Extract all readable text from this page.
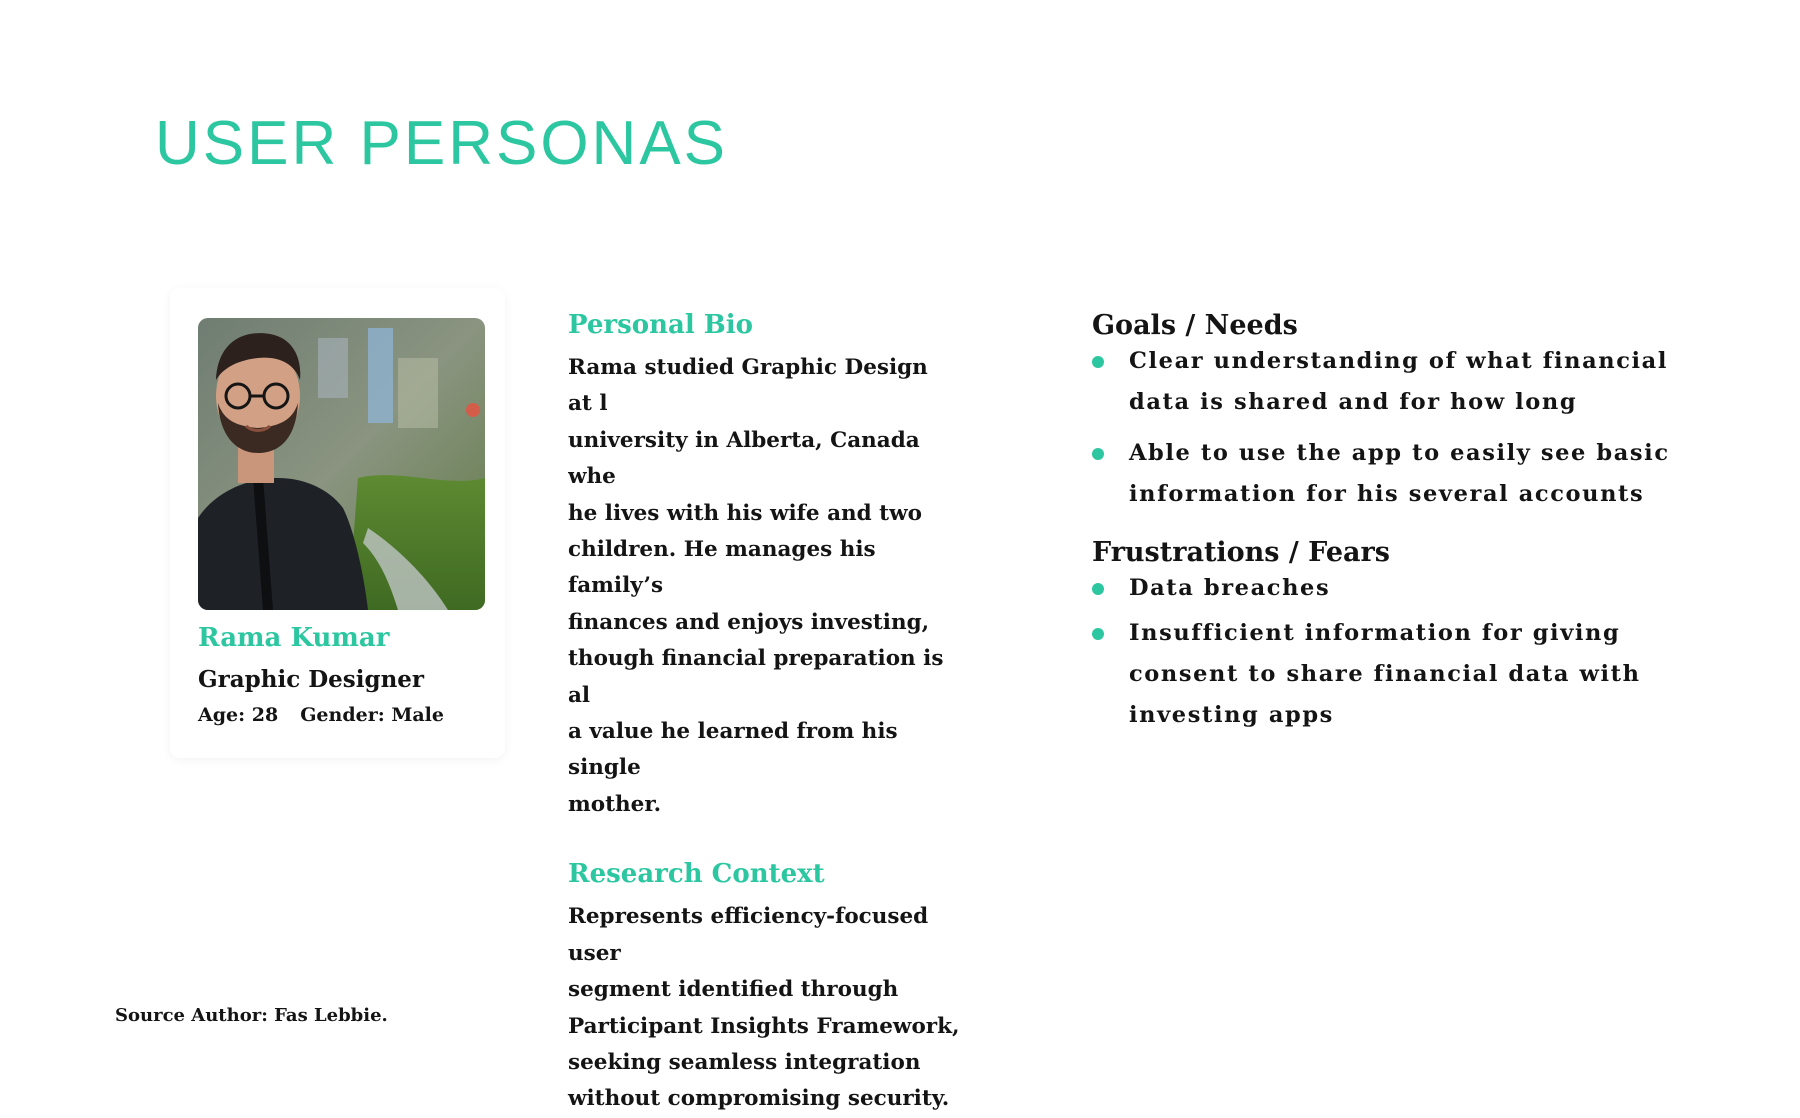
USER PERSONAS
Rama Kumar
Graphic Designer
Age: 28 Gender: Male
Personal Bio
Rama studied Graphic Design at l
university in Alberta, Canada whe
he lives with his wife and two
children. He manages his family’s
finances and enjoys investing,
though financial preparation is al
a value he learned from his single
mother.
Research Context
Represents efficiency-focused user
segment identified through
Participant Insights Framework,
seeking seamless integration
without compromising security.
Goals / Needs
Clear understanding of what financial
data is shared and for how long
Able to use the app to easily see basic
information for his several accounts
Frustrations / Fears
Data breaches
Insufficient information for giving
consent to share financial data with
investing apps
Source Author: Fas Lebbie.
